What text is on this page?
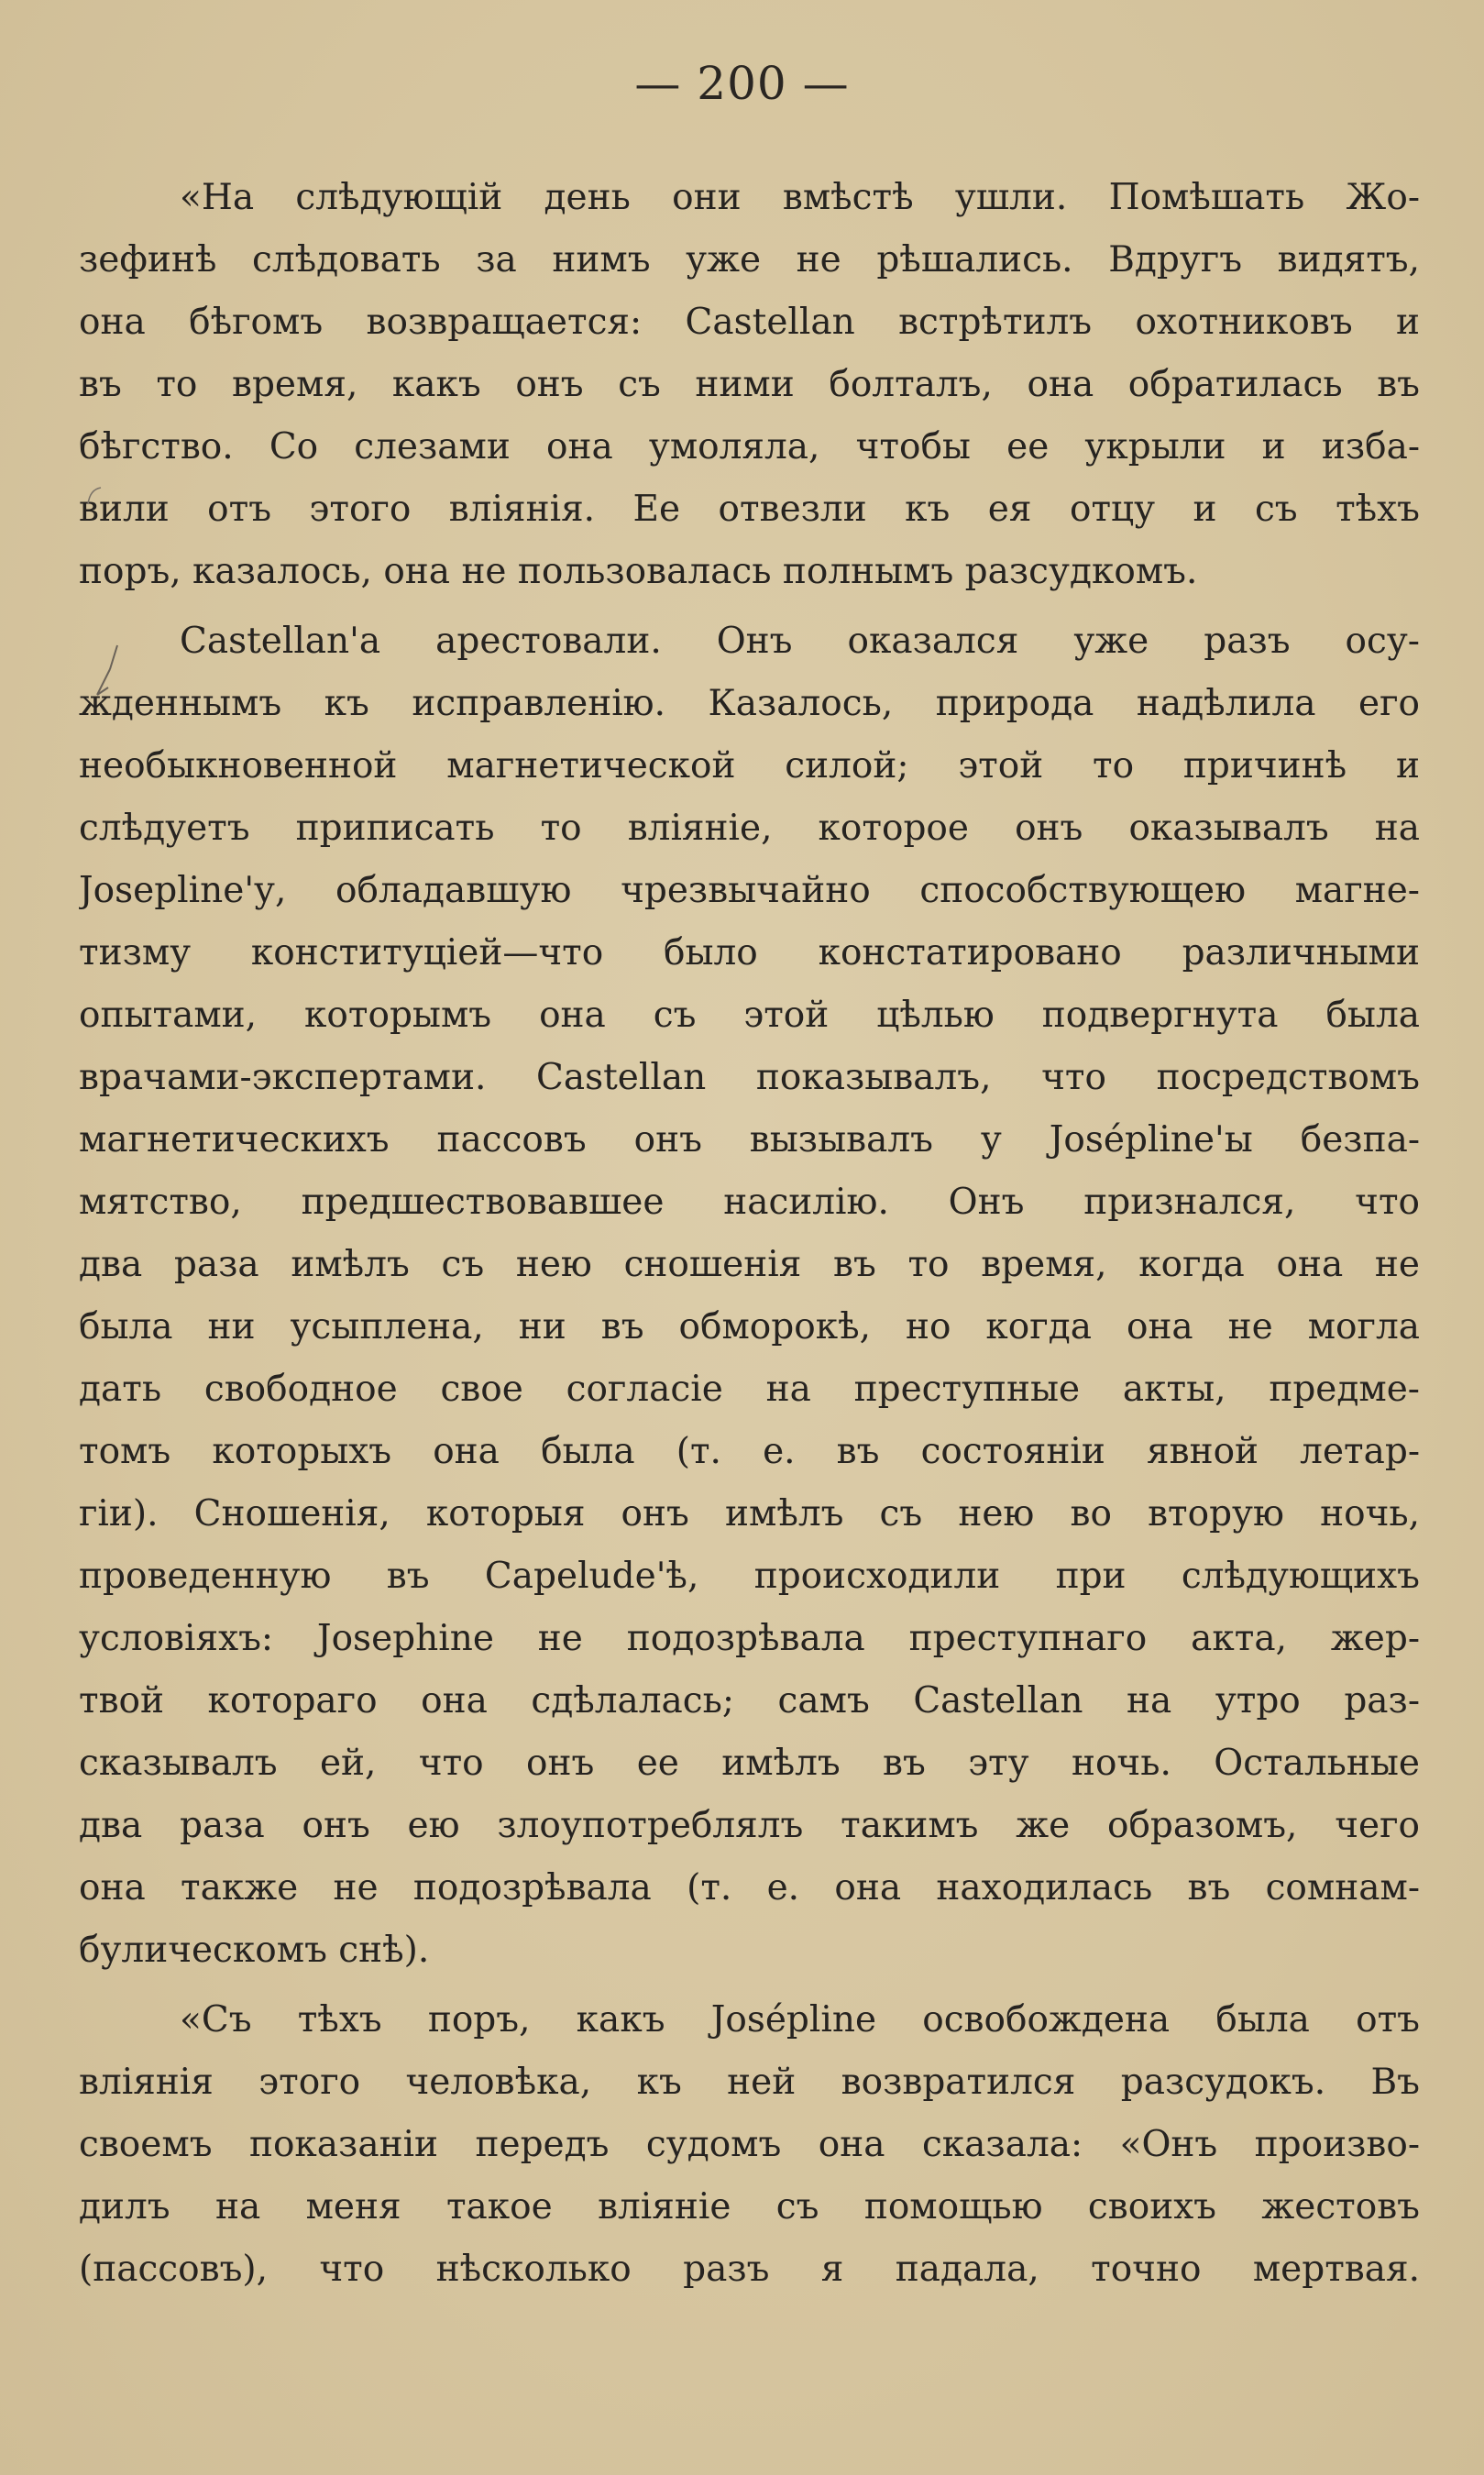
— 200 —
«На слѣдующій день они вмѣстѣ ушли. Помѣшать Жо-
зефинѣ слѣдовать за нимъ уже не рѣшались. Вдругъ видятъ,
она бѣгомъ возвращается: Castellan встрѣтилъ охотниковъ и
въ то время, какъ онъ съ ними болталъ, она обратилась въ
бѣгство. Со слезами она умоляла, чтобы ее укрыли и изба-
вили отъ этого вліянія. Ее отвезли къ ея отцу и съ тѣхъ
поръ, казалось, она не пользовалась полнымъ разсудкомъ.
Castellan'а арестовали. Онъ оказался уже разъ осу-
жденнымъ къ исправленію. Казалось, природа надѣлила его
необыкновенной магнетической силой; этой то причинѣ и
слѣдуетъ приписать то вліяніе, которое онъ оказывалъ на
Josepline'у, обладавшую чрезвычайно способствующею магне-
тизму конституціей—что было констатировано различными
опытами, которымъ она съ этой цѣлью подвергнута была
врачами-экспертами. Castellan показывалъ, что посредствомъ
магнетическихъ пассовъ онъ вызывалъ у Josépline'ы безпа-
мятство, предшествовавшее насилію. Онъ признался, что
два раза имѣлъ съ нею сношенія въ то время, когда она не
была ни усыплена, ни въ обморокѣ, но когда она не могла
дать свободное свое согласіе на преступные акты, предме-
томъ которыхъ она была (т. е. въ состояніи явной летар-
гіи). Сношенія, которыя онъ имѣлъ съ нею во вторую ночь,
проведенную въ Capelude'ѣ, происходили при слѣдующихъ
условіяхъ: Josephine не подозрѣвала преступнаго акта, жер-
твой котораго она сдѣлалась; самъ Castellan на утро раз-
сказывалъ ей, что онъ ее имѣлъ въ эту ночь. Остальные
два раза онъ ею злоупотреблялъ такимъ же образомъ, чего
она также не подозрѣвала (т. е. она находилась въ сомнам-
булическомъ снѣ).
«Съ тѣхъ поръ, какъ Josépline освобождена была отъ
вліянія этого человѣка, къ ней возвратился разсудокъ. Въ
своемъ показаніи передъ судомъ она сказала: «Онъ произво-
дилъ на меня такое вліяніе съ помощью своихъ жестовъ
(пассовъ), что нѣсколько разъ я падала, точно мертвая.
